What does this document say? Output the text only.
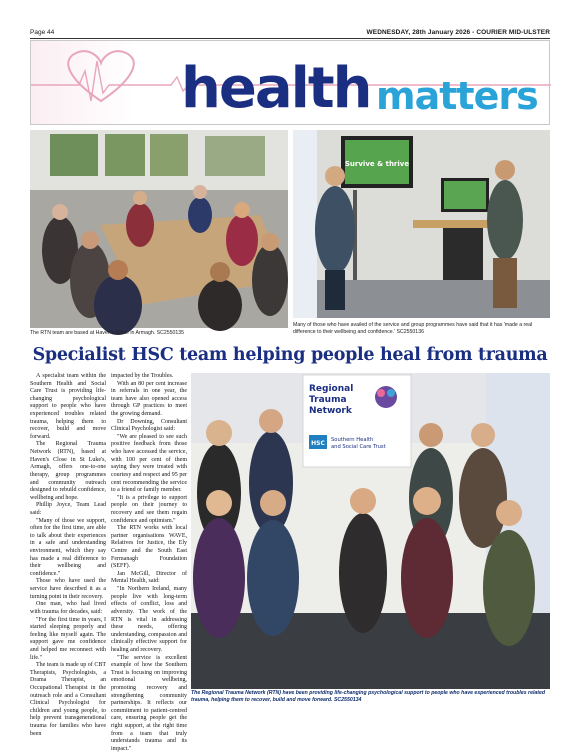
Page 44	WEDNESDAY, 28th January 2026 - COURIER MID-ULSTER
health matters
The RTN team are based at Haven's Close in Armagh. SC2550135
Survive & thrive
Many of those who have availed of the service and group programmes have said that it has 'made a real difference to their wellbeing and confidence.' SC2550136
Specialist HSC team helping people heal from trauma

A specialist team within the Southern Health and Social Care Trust is providing life-changing psychological support to people who have experienced troubles related trauma, helping them to recover, build and move forward.

The Regional Trauma Network (RTN), based at Haven's Close in St Luke's, Armagh, offers one-to-one therapy, group programmes and community outreach designed to rebuild confidence, wellbeing and hope.

Phillip Joyce, Team Lead said:

"Many of those we support, often for the first time, are able to talk about their experiences in a safe and understanding environment, which they say has made a real difference to their wellbeing and confidence."

Those who have used the service have described it as a turning point in their recovery.

One man, who had lived with trauma for decades, said:

"For the first time in years, I started sleeping properly and feeling like myself again. The support gave me confidence and helped me reconnect with life."

The team is made up of CBT Therapists, Psychologists, a Drama Therapist, an Occupational Therapist in the outreach role and a Consultant Clinical Psychologist for children and young people, to help prevent transgenerational trauma for families who have been

impacted by the Troubles.

With an 80 per cent increase in referrals in one year, the team have also opened access through GP practices to meet the growing demand.

Dr Downing, Consultant Clinical Psychologist said:

"We are pleased to see such positive feedback from those who have accessed the service, with 100 per cent of them saying they were treated with courtesy and respect and 95 per cent recommending the service to a friend or family member.

"It is a privilege to support people on their journey to recovery and see them regain confidence and optimism."

The RTN works with local partner organisations WAVE, Relatives for Justice, the Ely Centre and the South East Fermanagh Foundation (SEFF).

Jan McGill, Director of Mental Health, said:

"In Northern Ireland, many people live with long-term effects of conflict, loss and adversity. The work of the RTN is vital in addressing these needs, offering understanding, compassion and clinically effective support for healing and recovery.

"The service is excellent example of how the Southern Trust is focusing on improving emotional wellbeing, promoting recovery and strengthening community partnerships. It reflects our commitment to patient-centred care, ensuring people get the right support, at the right time from a team that truly understands trauma and its impact."

Regional
Trauma
Network
HSC Southern Health
and Social Care Trust
The Regional Trauma Network (RTN) have been providing life-changing psychological support to people who have experienced troubles related trauma, helping them to recover, build and move forward. SC2550134
